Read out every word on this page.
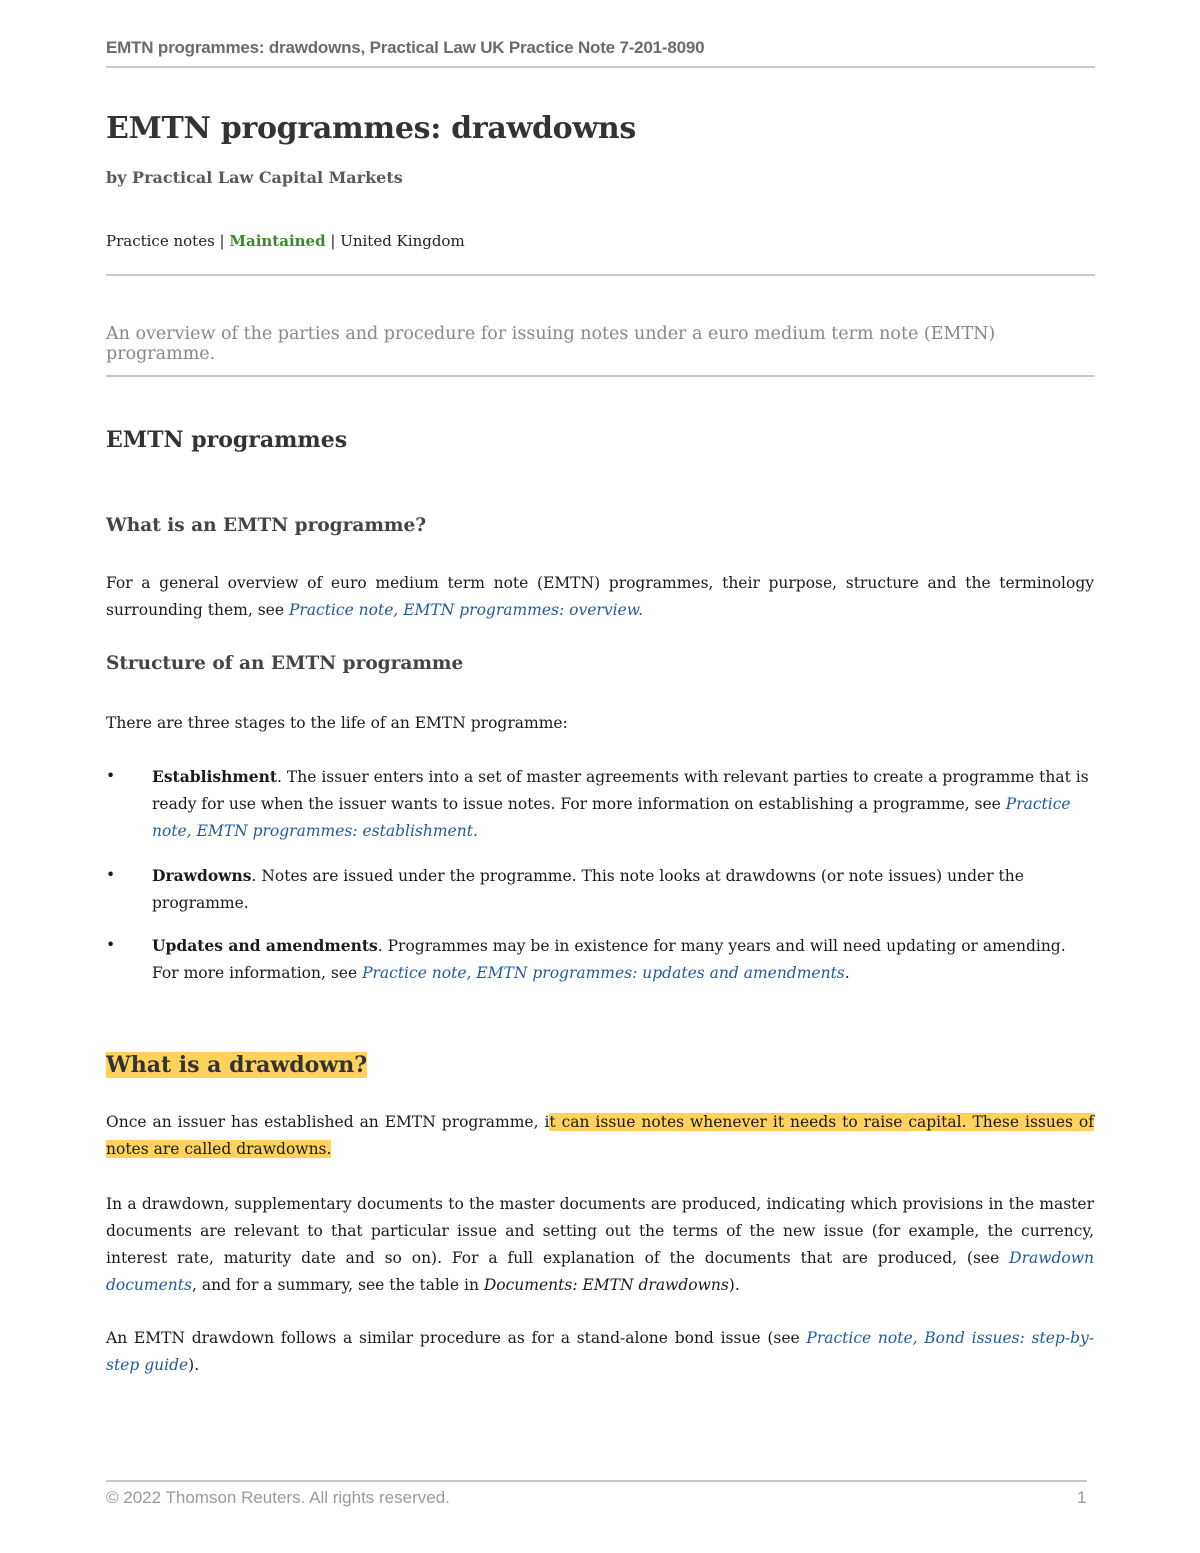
EMTN programmes: drawdowns, Practical Law UK Practice Note 7-201-8090
EMTN programmes: drawdowns
by Practical Law Capital Markets
Practice notes | Maintained | United Kingdom
An overview of the parties and procedure for issuing notes under a euro medium term note (EMTN) programme.
EMTN programmes
What is an EMTN programme?

For a general overview of euro medium term note (EMTN) programmes, their purpose, structure and the terminology surrounding them, see Practice note, EMTN programmes: overview.

Structure of an EMTN programme

There are three stages to the life of an EMTN programme:

•	Establishment. The issuer enters into a set of master agreements with relevant parties to create a programme that is ready for use when the issuer wants to issue notes. For more information on establishing a programme, see Practice note, EMTN programmes: establishment.
•	Drawdowns. Notes are issued under the programme. This note looks at drawdowns (or note issues) under the programme.
•	Updates and amendments. Programmes may be in existence for many years and will need updating or amending. For more information, see Practice note, EMTN programmes: updates and amendments.
What is a drawdown?

Once an issuer has established an EMTN programme, it can issue notes whenever it needs to raise capital. These issues of notes are called drawdowns.

In a drawdown, supplementary documents to the master documents are produced, indicating which provisions in the master documents are relevant to that particular issue and setting out the terms of the new issue (for example, the currency, interest rate, maturity date and so on). For a full explanation of the documents that are produced, (see Drawdown documents, and for a summary, see the table in Documents: EMTN drawdowns).

An EMTN drawdown follows a similar procedure as for a stand-alone bond issue (see Practice note, Bond issues: step-by-step guide).

© 2022 Thomson Reuters. All rights reserved.	1
